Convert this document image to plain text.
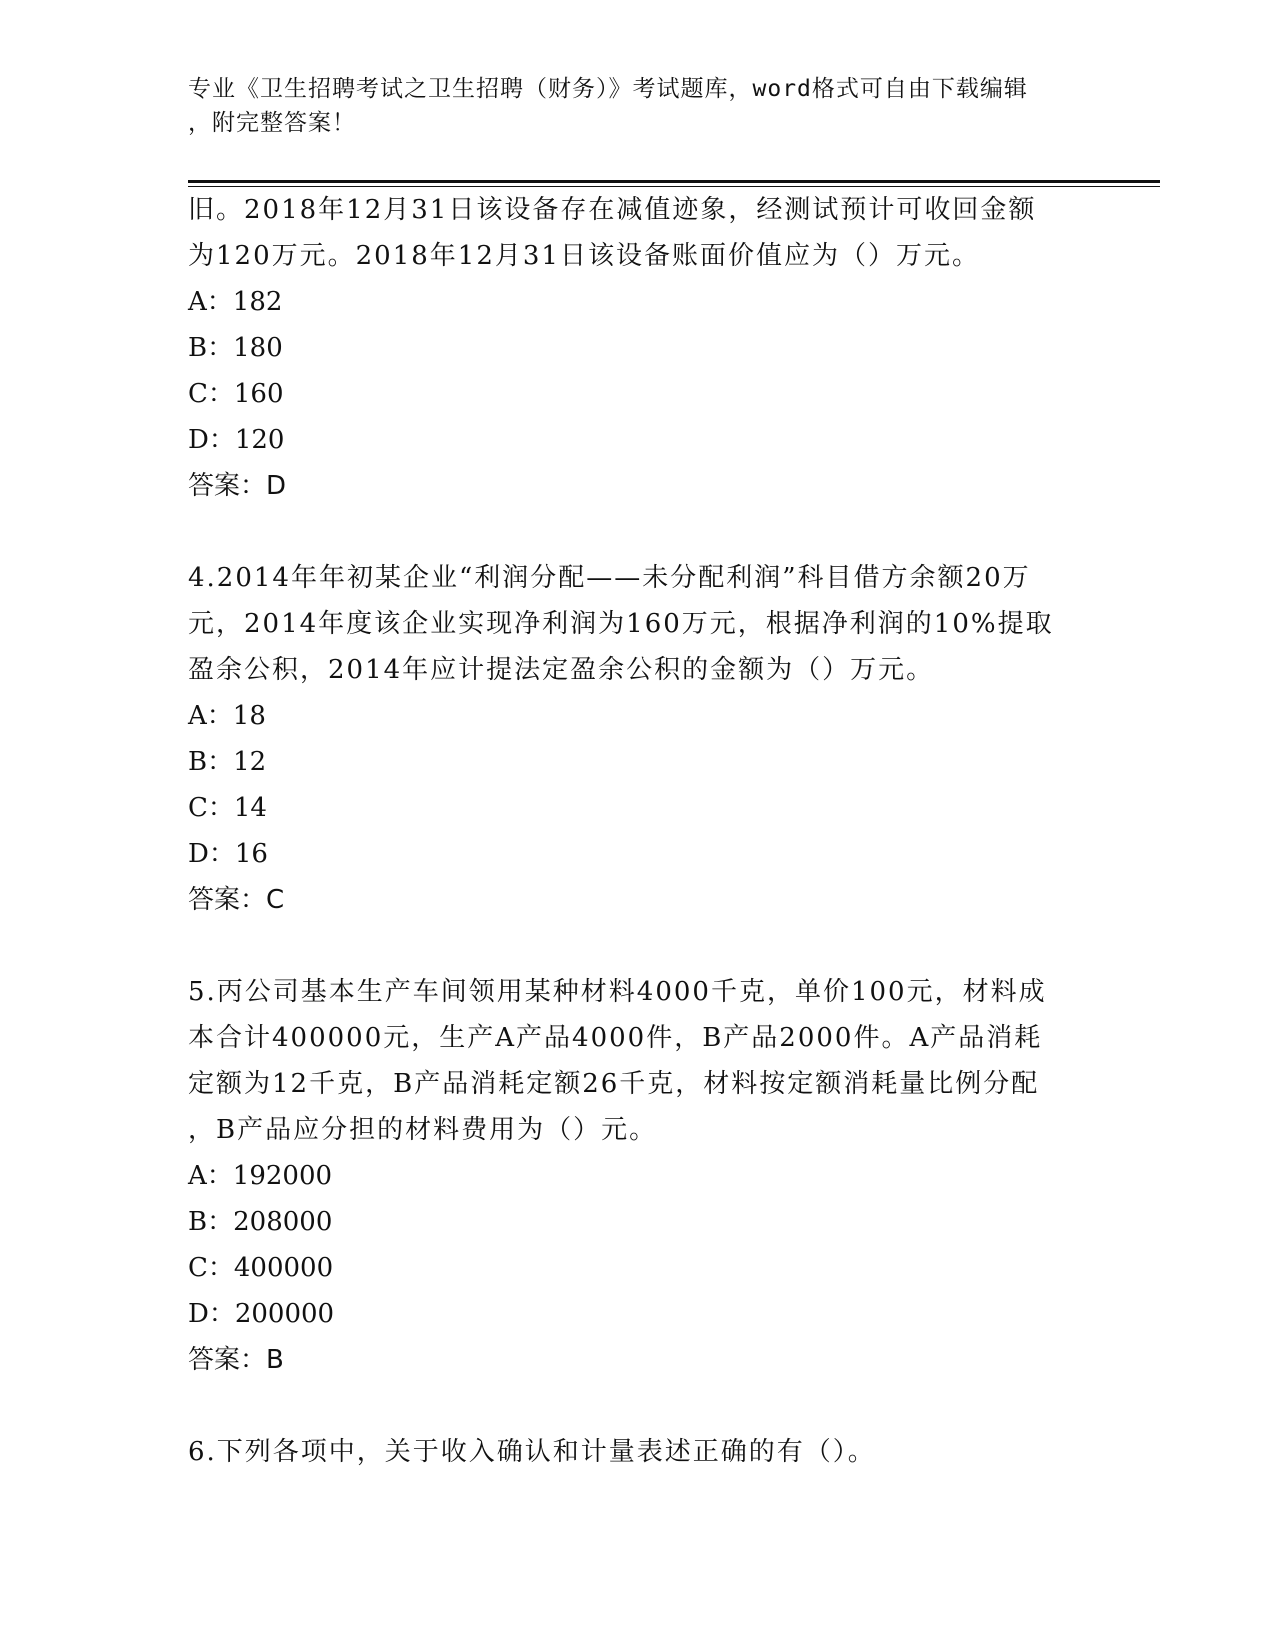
专业《卫生招聘考试之卫生招聘（财务）》考试题库，word格式可自由下载编辑
，附完整答案！
旧。2018年12月31日该设备存在减值迹象，经测试预计可收回金额
为120万元。2018年12月31日该设备账面价值应为（）万元。
A：182
B：180
C：160
D：120
答案：D
4.2014年年初某企业“利润分配——未分配利润”科目借方余额20万
元，2014年度该企业实现净利润为160万元，根据净利润的10%提取
盈余公积，2014年应计提法定盈余公积的金额为（）万元。
A：18
B：12
C：14
D：16
答案：C
5.丙公司基本生产车间领用某种材料4000千克，单价100元，材料成
本合计400000元，生产A产品4000件，B产品2000件。A产品消耗
定额为12千克，B产品消耗定额26千克，材料按定额消耗量比例分配
，B产品应分担的材料费用为（）元。
A：192000
B：208000
C：400000
D：200000
答案：B
6.下列各项中，关于收入确认和计量表述正确的有（）。
